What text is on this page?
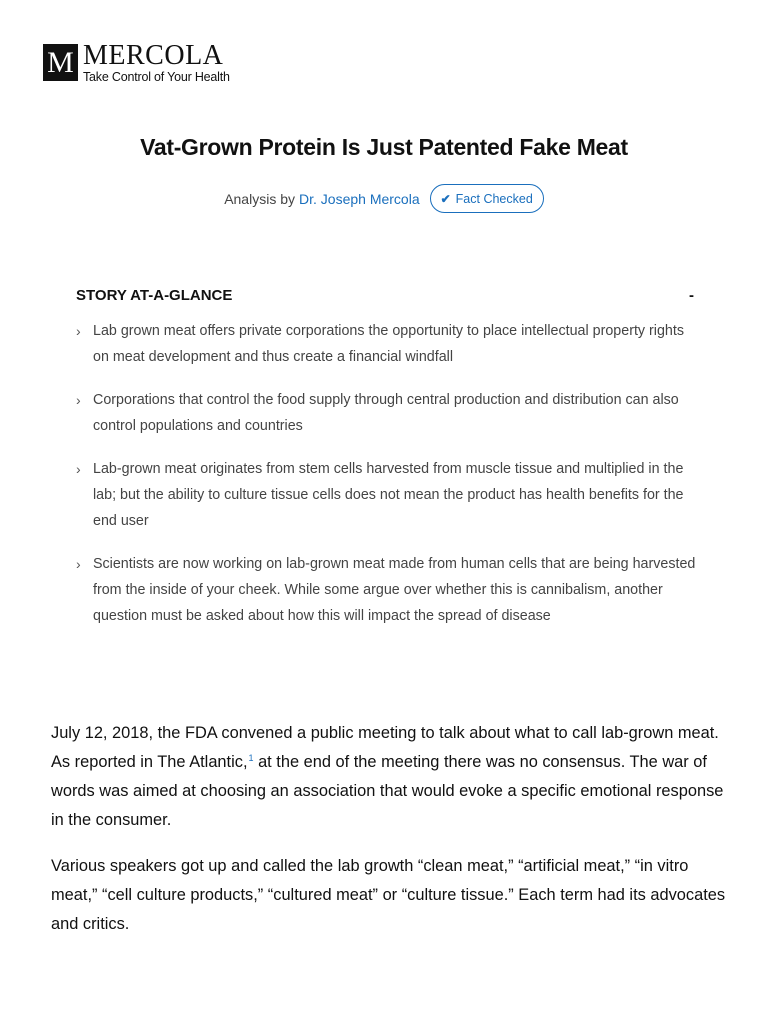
M MERCOLA
Take Control of Your Health
Vat-Grown Protein Is Just Patented Fake Meat
Analysis by Dr. Joseph Mercola ✔ Fact Checked
STORY AT-A-GLANCE	-
› Lab grown meat offers private corporations the opportunity to place intellectual property rights on meat development and thus create a financial windfall
› Corporations that control the food supply through central production and distribution can also control populations and countries
› Lab-grown meat originates from stem cells harvested from muscle tissue and multiplied in the lab; but the ability to culture tissue cells does not mean the product has health benefits for the end user
› Scientists are now working on lab-grown meat made from human cells that are being harvested from the inside of your cheek. While some argue over whether this is cannibalism, another question must be asked about how this will impact the spread of disease

July 12, 2018, the FDA convened a public meeting to talk about what to call lab-grown meat. As reported in The Atlantic,$^1$ at the end of the meeting there was no consensus. The war of words was aimed at choosing an association that would evoke a specific emotional response in the consumer.

Various speakers got up and called the lab growth “clean meat,” “artificial meat,” “in vitro meat,” “cell culture products,” “cultured meat” or “culture tissue.” Each term had its advocates and critics.
